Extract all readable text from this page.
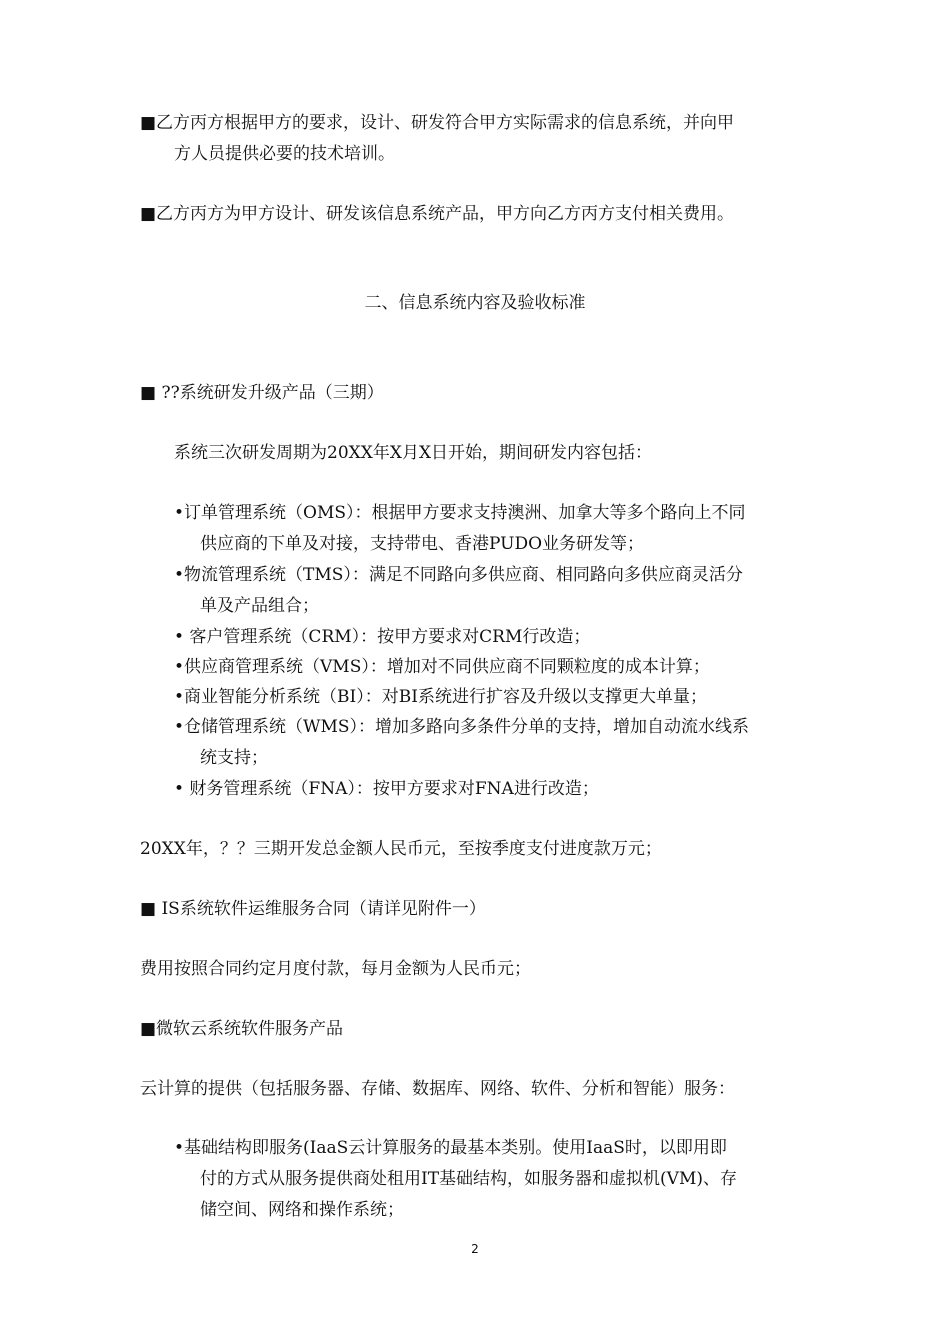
■乙方丙方根据甲方的要求，设计、研发符合甲方实际需求的信息系统，并向甲
方人员提供必要的技术培训。
■乙方丙方为甲方设计、研发该信息系统产品，甲方向乙方丙方支付相关费用。
二、信息系统内容及验收标准
■ ??系统研发升级产品（三期）
系统三次研发周期为20XX年X月X日开始，期间研发内容包括：
•订单管理系统（OMS）：根据甲方要求支持澳洲、加拿大等多个路向上不同
供应商的下单及对接，支持带电、香港PUDO业务研发等；
•物流管理系统（TMS）：满足不同路向多供应商、相同路向多供应商灵活分
单及产品组合；
• 客户管理系统（CRM）：按甲方要求对CRM行改造；
•供应商管理系统（VMS）：增加对不同供应商不同颗粒度的成本计算；
•商业智能分析系统（BI）：对BI系统进行扩容及升级以支撑更大单量；
•仓储管理系统（WMS）：增加多路向多条件分单的支持，增加自动流水线系
统支持；
• 财务管理系统（FNA）：按甲方要求对FNA进行改造；
20XX年，？？三期开发总金额人民币元，至按季度支付进度款万元；
■ IS系统软件运维服务合同（请详见附件一）
费用按照合同约定月度付款，每月金额为人民币元；
■微软云系统软件服务产品
云计算的提供（包括服务器、存储、数据库、网络、软件、分析和智能）服务：
•基础结构即服务(IaaS云计算服务的最基本类别。使用IaaS时，以即用即
付的方式从服务提供商处租用IT基础结构，如服务器和虚拟机(VM)、存
储空间、网络和操作系统；
2
